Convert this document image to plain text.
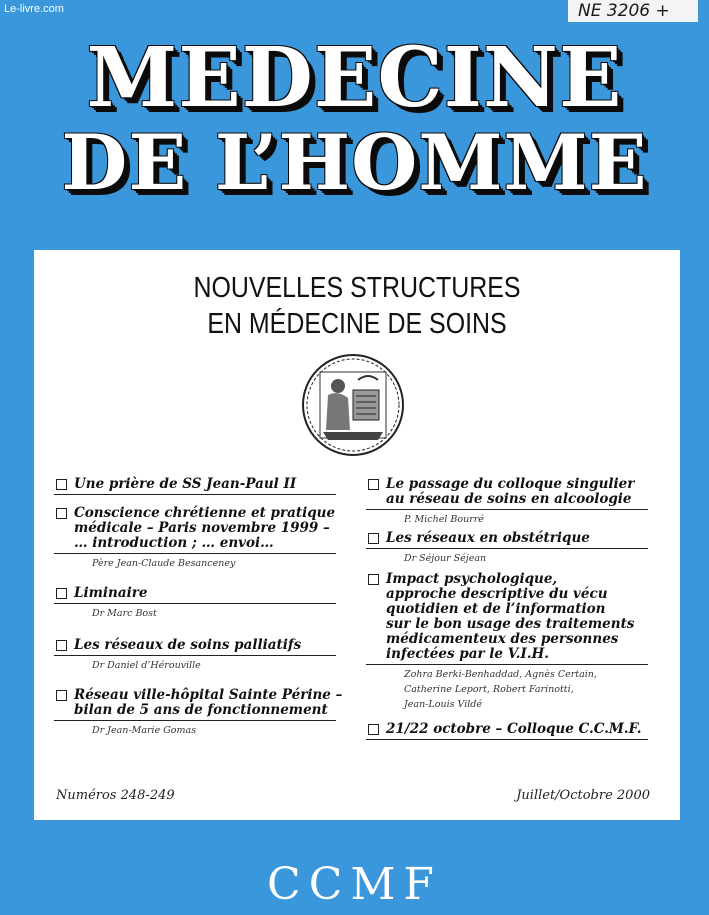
Le-livre.com	NE 3206 +
MEDECINE
DE L’HOMME
NOUVELLES STRUCTURES
EN MÉDECINE DE SOINS
Une prière de SS Jean-Paul II
Conscience chrétienne et pratique
médicale – Paris novembre 1999 –
… introduction ; … envoi…
Père Jean-Claude Besanceney
Liminaire
Dr Marc Bost
Les réseaux de soins palliatifs
Dr Daniel d’Hérouville
Réseau ville-hôpital Sainte Périne –
bilan de 5 ans de fonctionnement
Dr Jean-Marie Gomas
Le passage du colloque singulier
au réseau de soins en alcoologie
P. Michel Bourré
Les réseaux en obstétrique
Dr Séjour Séjean
Impact psychologique,
approche descriptive du vécu
quotidien et de l’information
sur le bon usage des traitements
médicamenteux des personnes
infectées par le V.I.H.
Zohra Berki-Benhaddad, Agnès Certain,
Catherine Leport, Robert Farinotti,
Jean-Louis Vildé
21/22 octobre – Colloque C.C.M.F.
Numéros 248-249	Juillet/Octobre 2000
CCMF
